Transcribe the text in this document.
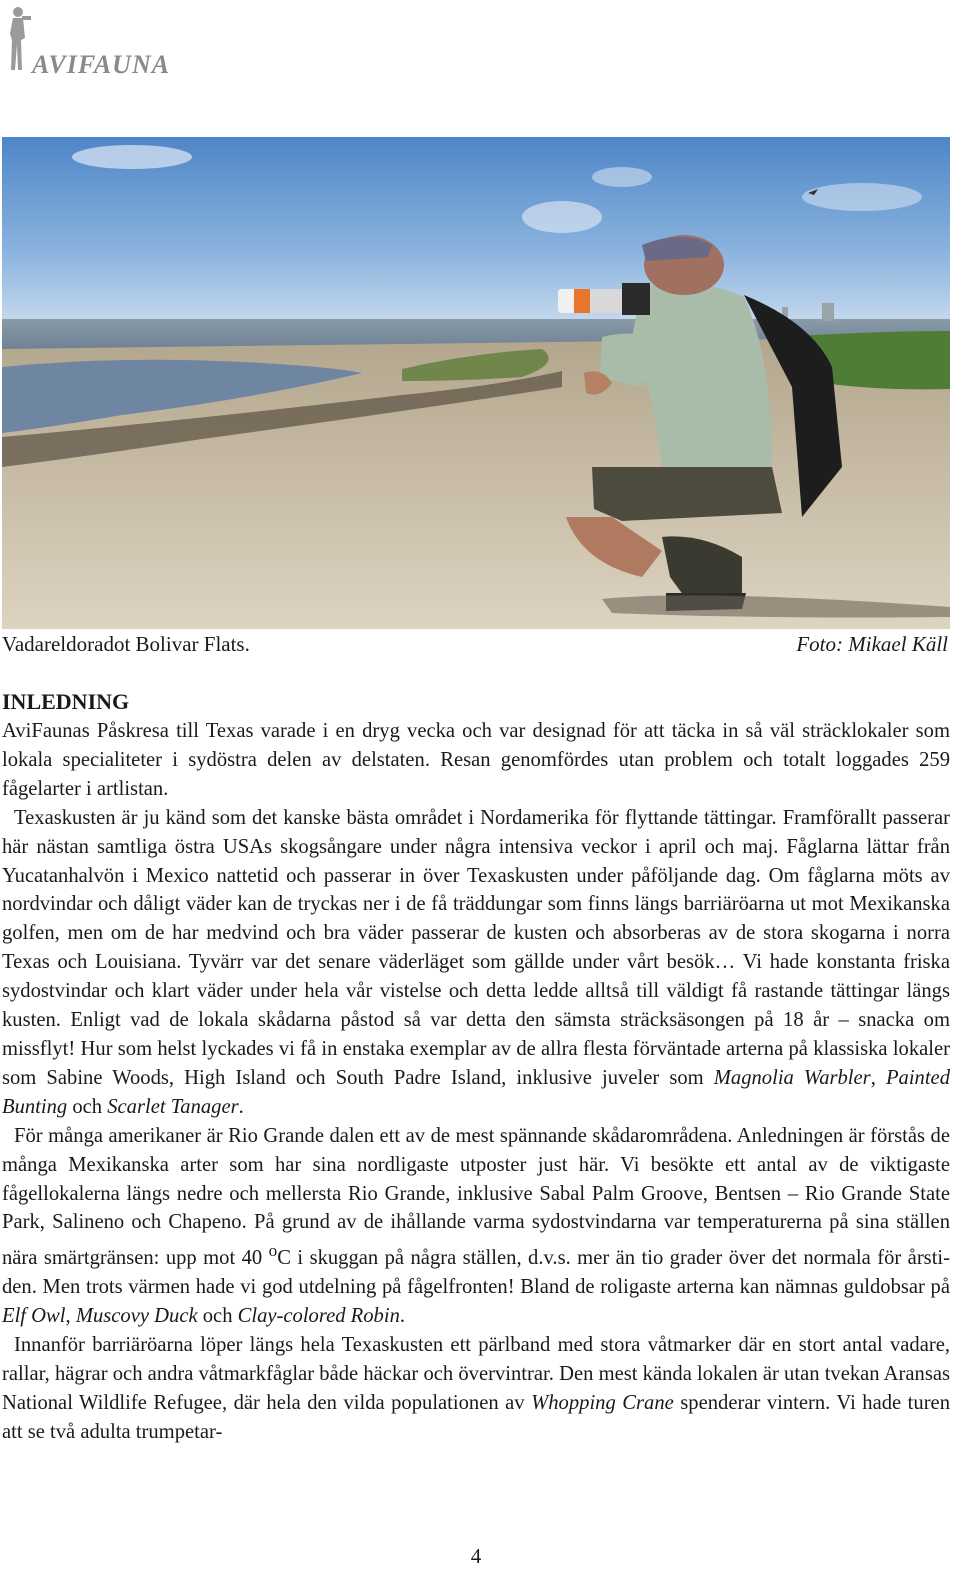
AVIFAUNA
Vadareldoradot Bolivar Flats.	Foto: Mikael Käll
INLEDNING

AviFaunas Påskresa till Texas varade i en dryg vecka och var designad för att täcka in så väl sträcklokaler som lokala specialiteter i sydöstra delen av delstaten. Resan genomfördes utan problem och totalt loggades 259 fågelarter i artlistan.

Texaskusten är ju känd som det kanske bästa området i Nordamerika för flyttande tättingar. Framförallt passerar här nästan samtliga östra USAs skogsångare under några intensiva veckor i april och maj. Fåglarna lättar från Yucatanhalvön i Mexico nattetid och passerar in över Texaskusten under påföljande dag. Om fåglarna möts av nordvindar och dåligt väder kan de tryckas ner i de få träddungar som finns längs barriäröarna ut mot Mexikanska golfen, men om de har medvind och bra väder passerar de kusten och absorberas av de stora skogarna i norra Texas och Louisiana. Tyvärr var det senare väderläget som gällde under vårt besök… Vi hade konstanta friska sydostvindar och klart väder under hela vår vistelse och detta ledde alltså till väldigt få rastande tättingar längs kusten. Enligt vad de lokala skådarna påstod så var detta den sämsta sträcksäsongen på 18 år – snacka om missflyt! Hur som helst lyckades vi få in enstaka exemplar av de allra flesta förväntade arterna på klassiska lokaler som Sabine Woods, High Island och South Padre Island, inklusive juveler som Magnolia Warbler, Painted Bunting och Scarlet Tanager.

För många amerikaner är Rio Grande dalen ett av de mest spännande skådarområdena. Anledningen är förstås de många Mexikanska arter som har sina nordligaste utposter just här. Vi besökte ett antal av de viktigaste fågellokalerna längs nedre och mellersta Rio Grande, inklusive Sabal Palm Groove, Bentsen – Rio Grande State Park, Salineno och Chapeno. På grund av de ihållande varma sydostvindarna var temperaturerna på sina ställen nära smärtgränsen: upp mot 40 $^o$C i skuggan på några ställen, d.v.s. mer än tio grader över det normala för årstiden. Men trots värmen hade vi god utdelning på fågelfronten! Bland de roligaste arterna kan nämnas guldobsar på Elf Owl, Muscovy Duck och Clay-colored Robin.

Innanför barriäröarna löper längs hela Texaskusten ett pärlband med stora våtmarker där en stort antal vadare, rallar, hägrar och andra våtmarkfåglar både häckar och övervintrar. Den mest kända lokalen är utan tvekan Aransas National Wildlife Refugee, där hela den vilda populationen av Whopping Crane spenderar vintern. Vi hade turen att se två adulta trumpetar-

4
